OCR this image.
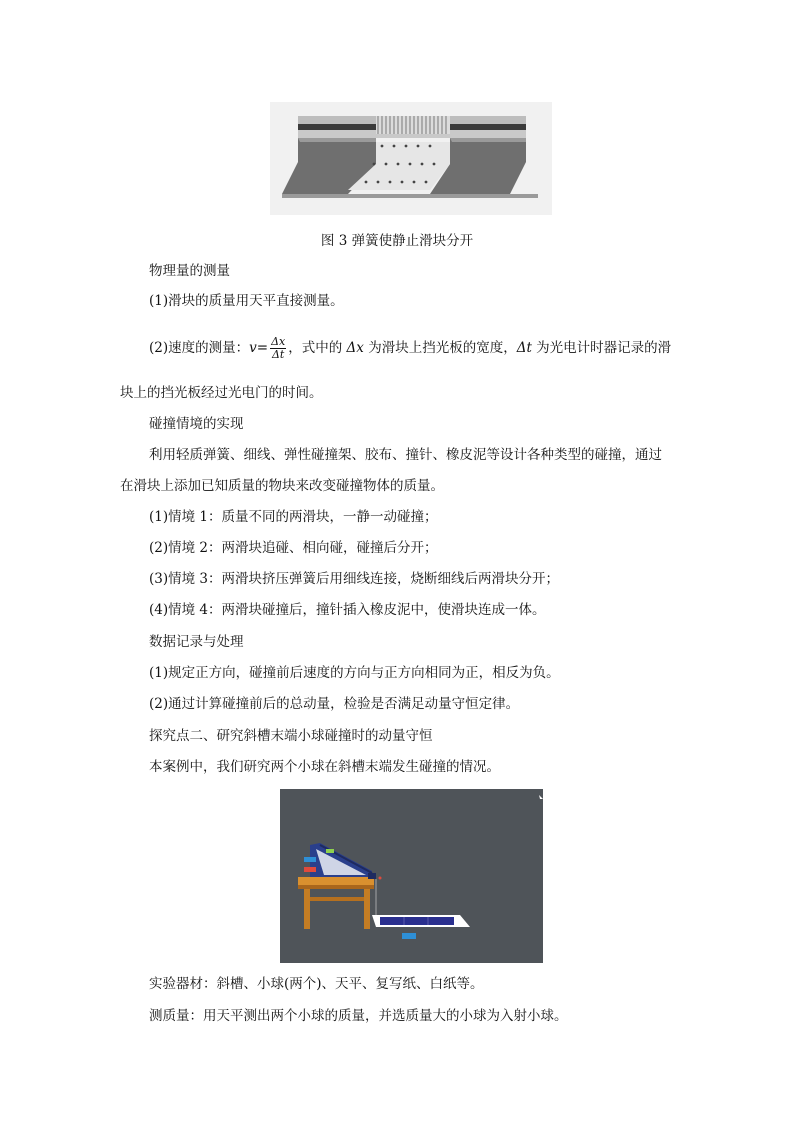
图 3 弹簧使静止滑块分开
物理量的测量
(1)滑块的质量用天平直接测量。
(2)速度的测量：$v= \frac{\Delta x}{\Delta t}$ ，式中的 Δx 为滑块上挡光板的宽度，Δt 为光电计时器记录的滑
块上的挡光板经过光电门的时间。
碰撞情境的实现
利用轻质弹簧、细线、弹性碰撞架、胶布、撞针、橡皮泥等设计各种类型的碰撞，通过
在滑块上添加已知质量的物块来改变碰撞物体的质量。
(1)情境 1：质量不同的两滑块，一静一动碰撞；
(2)情境 2：两滑块追碰、相向碰，碰撞后分开；
(3)情境 3：两滑块挤压弹簧后用细线连接，烧断细线后两滑块分开；
(4)情境 4：两滑块碰撞后，撞针插入橡皮泥中，使滑块连成一体。
数据记录与处理
(1)规定正方向，碰撞前后速度的方向与正方向相同为正，相反为负。
(2)通过计算碰撞前后的总动量，检验是否满足动量守恒定律。
探究点二、研究斜槽末端小球碰撞时的动量守恒
本案例中，我们研究两个小球在斜槽末端发生碰撞的情况。
实验器材：斜槽、小球(两个)、天平、复写纸、白纸等。
测质量：用天平测出两个小球的质量，并选质量大的小球为入射小球。
